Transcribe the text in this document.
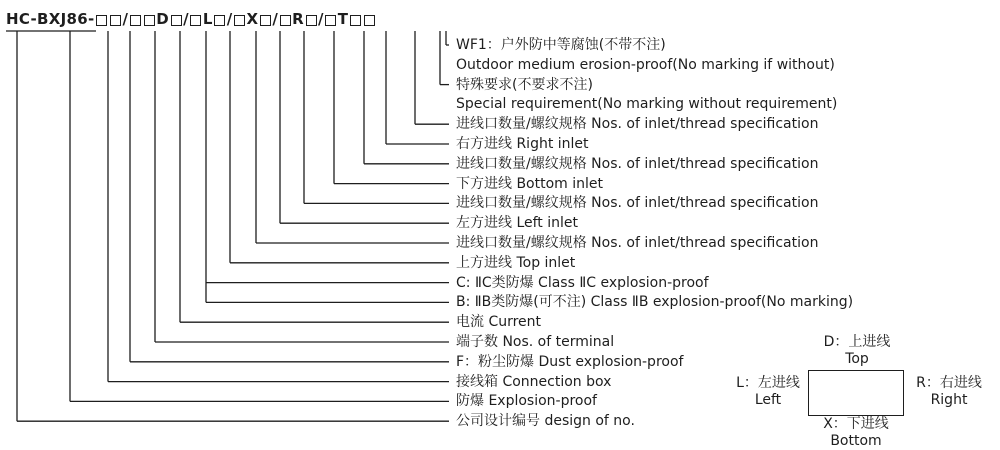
HC-BXJ86- / D / L / X / R / T
WF1：户外防中等腐蚀(不带不注)
Outdoor medium erosion-proof(No marking if without)
特殊要求(不要求不注)
Special requirement(No marking without requirement)
进线口数量/螺纹规格 Nos. of inlet/thread specification
右方进线 Right inlet
进线口数量/螺纹规格 Nos. of inlet/thread specification
下方进线 Bottom inlet
进线口数量/螺纹规格 Nos. of inlet/thread specification
左方进线 Left inlet
进线口数量/螺纹规格 Nos. of inlet/thread specification
上方进线 Top inlet
C: ⅡC类防爆 Class ⅡC explosion-proof
B: ⅡB类防爆(可不注) Class ⅡB explosion-proof(No marking)
电流 Current
端子数 Nos. of terminal
F：粉尘防爆 Dust explosion-proof
接线箱 Connection box
防爆 Explosion-proof
公司设计编号 design of no.
D：上进线
Top
L：左进线
Left
R：右进线
Right
X：下进线
Bottom
